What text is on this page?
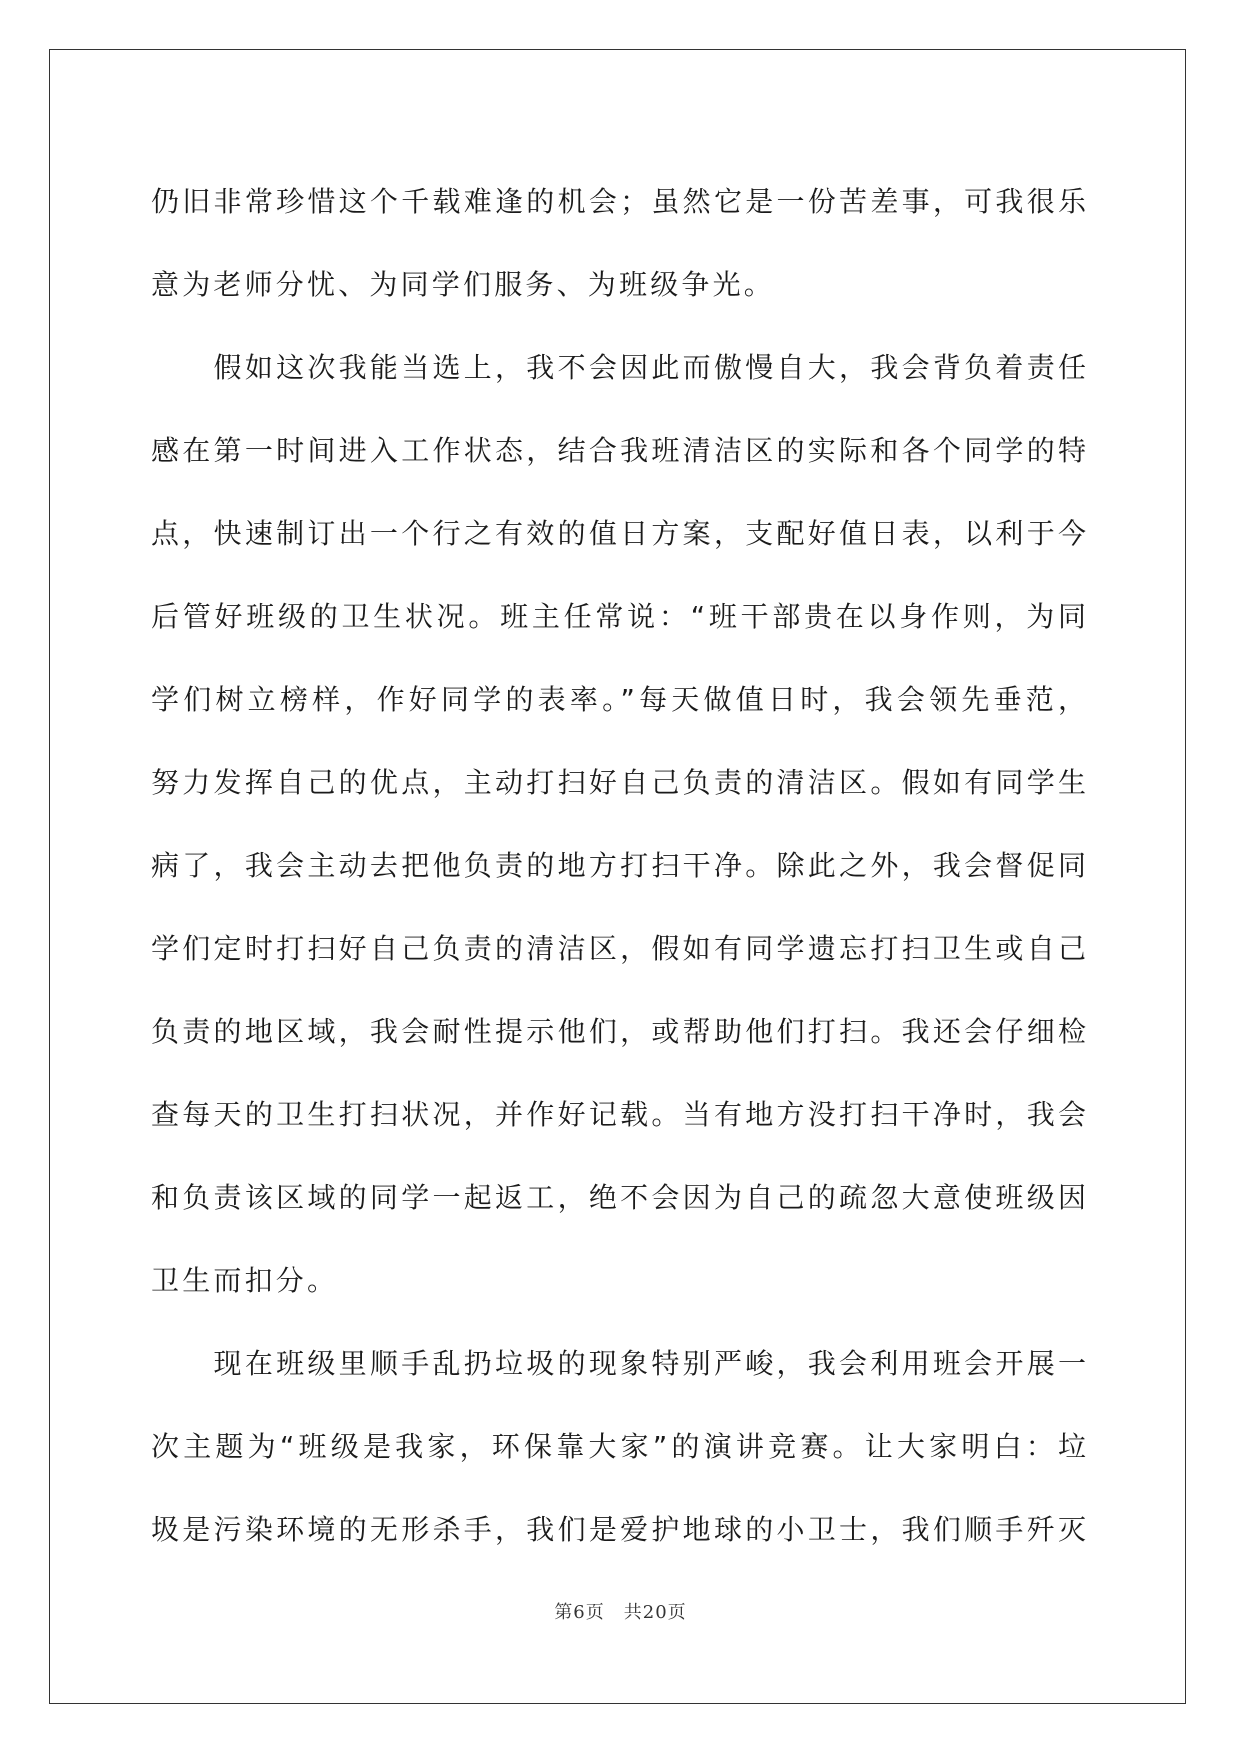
仍旧非常珍惜这个千载难逢的机会；虽然它是一份苦差事，可我很乐
意为老师分忧、为同学们服务、为班级争光。
　　假如这次我能当选上，我不会因此而傲慢自大，我会背负着责任
感在第一时间进入工作状态，结合我班清洁区的实际和各个同学的特
点，快速制订出一个行之有效的值日方案，支配好值日表，以利于今
后管好班级的卫生状况。班主任常说：“班干部贵在以身作则，为同
学们树立榜样，作好同学的表率。”每天做值日时，我会领先垂范，
努力发挥自己的优点，主动打扫好自己负责的清洁区。假如有同学生
病了，我会主动去把他负责的地方打扫干净。除此之外，我会督促同
学们定时打扫好自己负责的清洁区，假如有同学遗忘打扫卫生或自己
负责的地区域，我会耐性提示他们，或帮助他们打扫。我还会仔细检
查每天的卫生打扫状况，并作好记载。当有地方没打扫干净时，我会
和负责该区域的同学一起返工，绝不会因为自己的疏忽大意使班级因
卫生而扣分。
　　现在班级里顺手乱扔垃圾的现象特别严峻，我会利用班会开展一
次主题为“班级是我家，环保靠大家”的演讲竞赛。让大家明白：垃
圾是污染环境的无形杀手，我们是爱护地球的小卫士，我们顺手歼灭
第6页　共20页
